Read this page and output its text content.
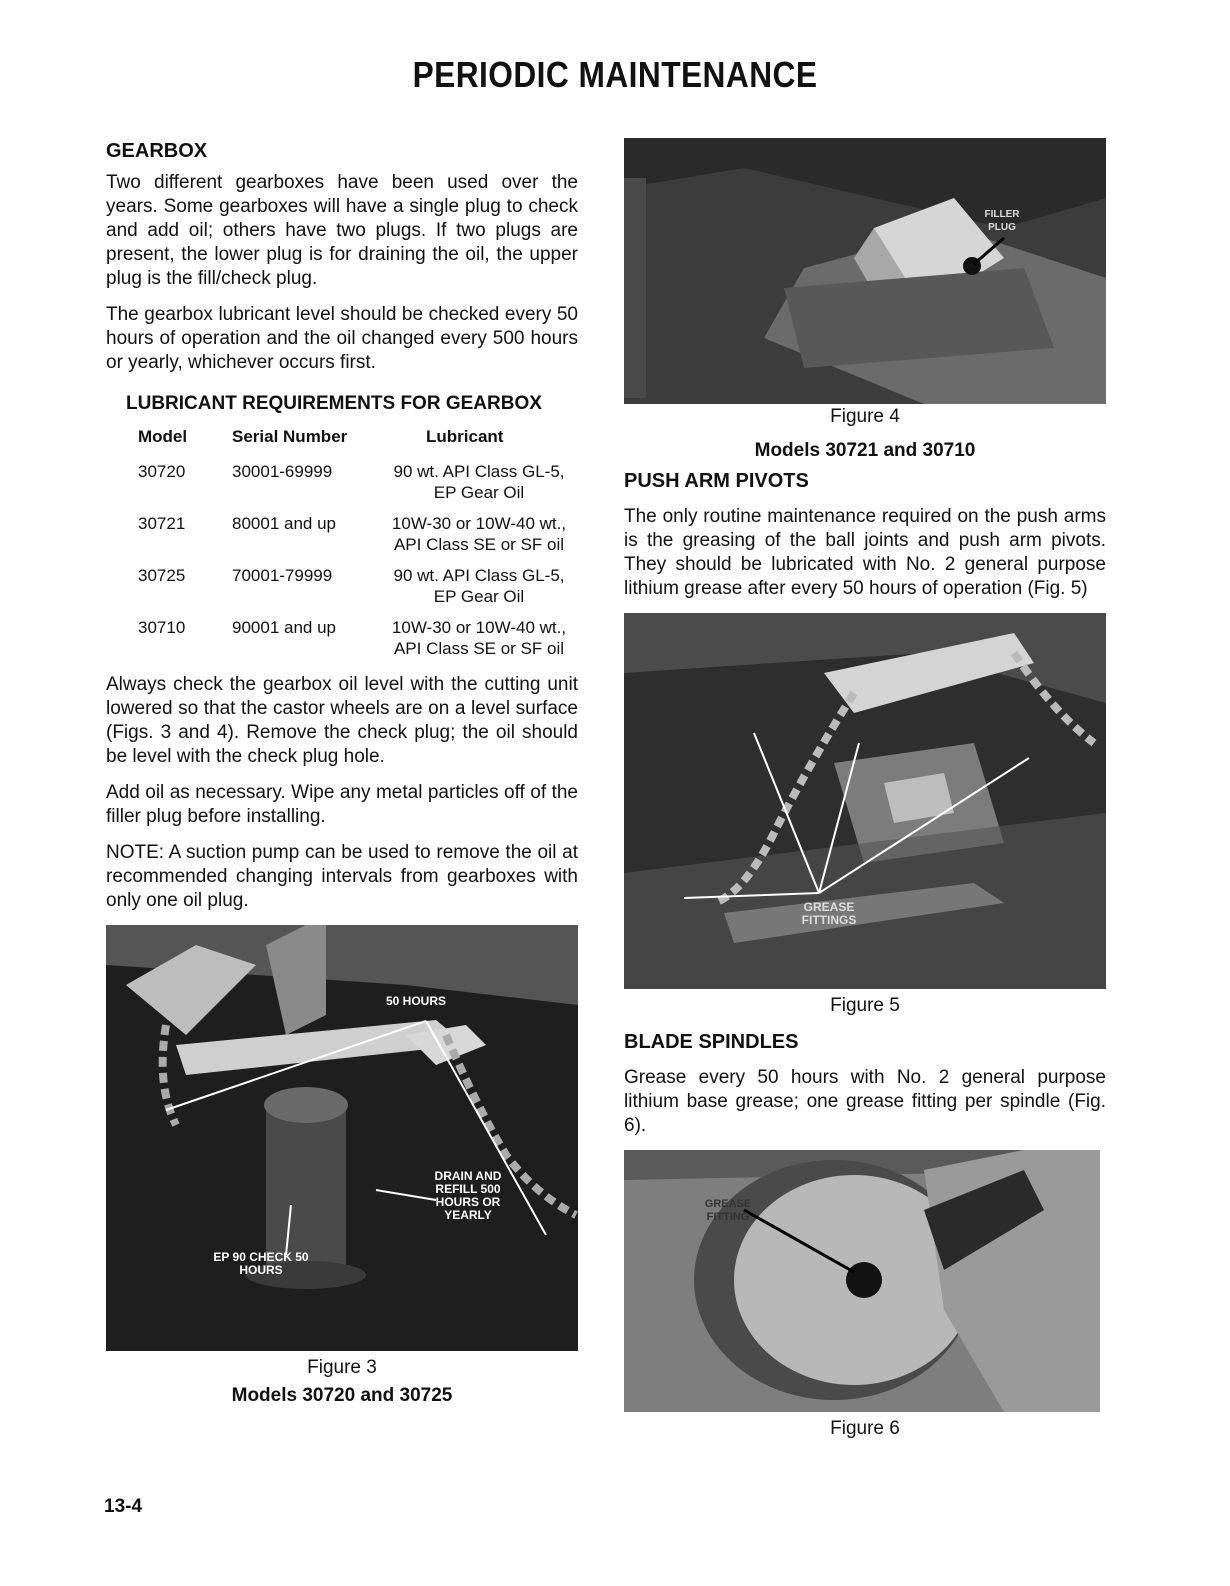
PERIODIC MAINTENANCE
GEARBOX

Two different gearboxes have been used over the years. Some gearboxes will have a single plug to check and add oil; others have two plugs. If two plugs are present, the lower plug is for draining the oil, the upper plug is the fill/check plug.

The gearbox lubricant level should be checked every 50 hours of operation and the oil changed every 500 hours or yearly, whichever occurs first.

LUBRICANT REQUIREMENTS FOR GEARBOX
Model	Serial Number	Lubricant
30720	30001-69999	90 wt. API Class GL-5, EP Gear Oil
30721	80001 and up	10W-30 or 10W-40 wt., API Class SE or SF oil
30725	70001-79999	90 wt. API Class GL-5, EP Gear Oil
30710	90001 and up	10W-30 or 10W-40 wt., API Class SE or SF oil

Always check the gearbox oil level with the cutting unit lowered so that the castor wheels are on a level surface (Figs. 3 and 4). Remove the check plug; the oil should be level with the check plug hole.

Add oil as necessary. Wipe any metal particles off of the filler plug before installing.

NOTE: A suction pump can be used to remove the oil at recommended changing intervals from gearboxes with only one oil plug.

50 HOURS
DRAIN AND REFILL 500 HOURS OR YEARLY
EP 90 CHECK 50 HOURS
Figure 3
Models 30720 and 30725
FILLER PLUG
Figure 4
Models 30721 and 30710
PUSH ARM PIVOTS

The only routine maintenance required on the push arms is the greasing of the ball joints and push arm pivots. They should be lubricated with No. 2 general purpose lithium grease after every 50 hours of operation (Fig. 5)

GREASE FITTINGS
Figure 5
BLADE SPINDLES

Grease every 50 hours with No. 2 general purpose lithium base grease; one grease fitting per spindle (Fig. 6).

GREASE FITTING
Figure 6
13-4
